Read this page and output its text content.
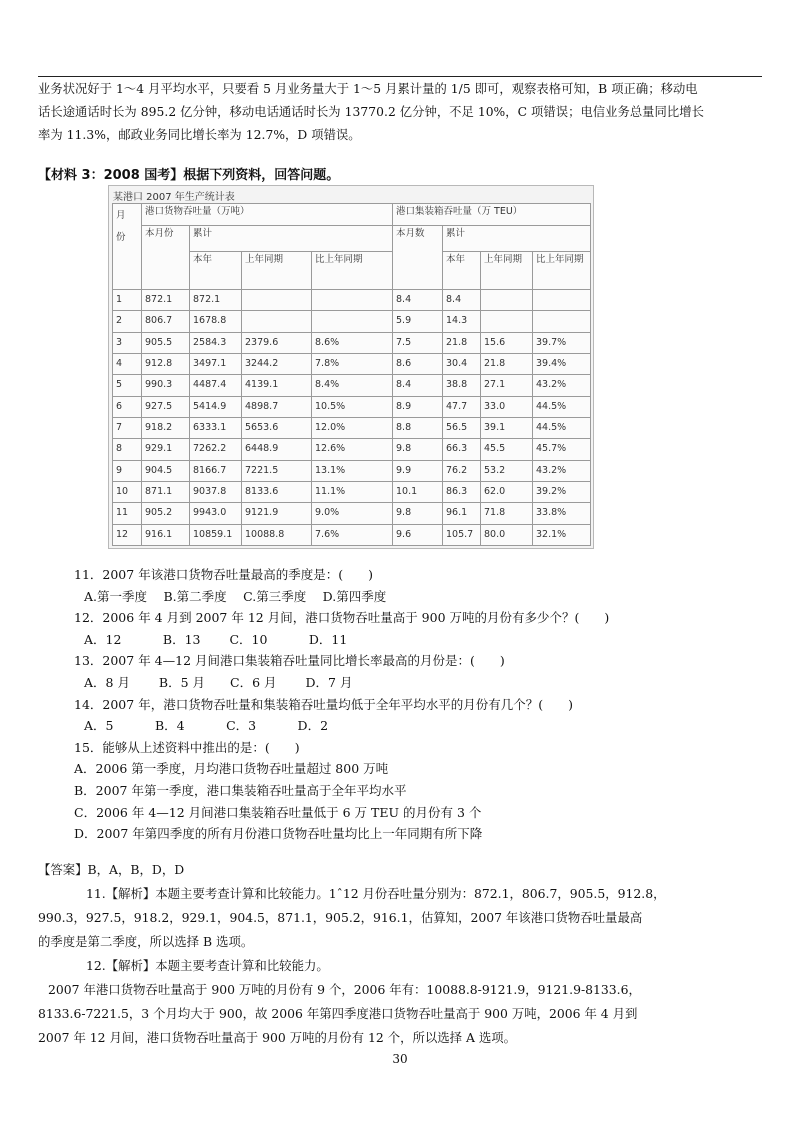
业务状况好于 1～4 月平均水平，只要看 5 月业务量大于 1～5 月累计量的 1/5 即可，观察表格可知，B 项正确；移动电
话长途通话时长为 895.2 亿分钟，移动电话通话时长为 13770.2 亿分钟，不足 10%，C 项错误；电信业务总量同比增长
率为 11.3%，邮政业务同比增长率为 12.7%，D 项错误。
【材料 3：2008 国考】根据下列资料，回答问题。
某港口 2007 年生产统计表
月份	港口货物吞吐量（万吨）				港口集装箱吞吐量（万 TEU）			
	本月份	累计			本月数	累计		
		本年	上年同期	比上年同期		本年	上年同期	比上年同期
1	872.1	872.1			8.4	8.4		
2	806.7	1678.8			5.9	14.3		
3	905.5	2584.3	2379.6	8.6%	7.5	21.8	15.6	39.7%
4	912.8	3497.1	3244.2	7.8%	8.6	30.4	21.8	39.4%
5	990.3	4487.4	4139.1	8.4%	8.4	38.8	27.1	43.2%
6	927.5	5414.9	4898.7	10.5%	8.9	47.7	33.0	44.5%
7	918.2	6333.1	5653.6	12.0%	8.8	56.5	39.1	44.5%
8	929.1	7262.2	6448.9	12.6%	9.8	66.3	45.5	45.7%
9	904.5	8166.7	7221.5	13.1%	9.9	76.2	53.2	43.2%
10	871.1	9037.8	8133.6	11.1%	10.1	86.3	62.0	39.2%
11	905.2	9943.0	9121.9	9.0%	9.8	96.1	71.8	33.8%
12	916.1	10859.1	10088.8	7.6%	9.6	105.7	80.0	32.1%
11．2007 年该港口货物吞吐量最高的季度是：(　　)
A.第一季度　 B.第二季度　 C.第三季度　 D.第四季度
12．2006 年 4 月到 2007 年 12 月间，港口货物吞吐量高于 900 万吨的月份有多少个？(　　)
A．12　　　 B．13　　 C．10　　　 D．11
13．2007 年 4—12 月间港口集装箱吞吐量同比增长率最高的月份是：(　　)
A．8 月　　 B．5 月　　C．6 月　　 D．7 月
14．2007 年，港口货物吞吐量和集装箱吞吐量均低于全年平均水平的月份有几个？(　　)
A．5　　　 B．4　　　 C．3　　　 D．2
15．能够从上述资料中推出的是：(　　)
A．2006 第一季度，月均港口货物吞吐量超过 800 万吨
B．2007 年第一季度，港口集装箱吞吐量高于全年平均水平
C．2006 年 4—12 月间港口集装箱吞吐量低于 6 万 TEU 的月份有 3 个
D．2007 年第四季度的所有月份港口货物吞吐量均比上一年同期有所下降
【答案】B，A，B，D，D
11.【解析】本题主要考查计算和比较能力。1ˆ12 月份吞吐量分别为：872.1，806.7，905.5，912.8，
990.3，927.5，918.2，929.1，904.5，871.1，905.2，916.1，估算知，2007 年该港口货物吞吐量最高
的季度是第二季度，所以选择 B 选项。
12.【解析】本题主要考查计算和比较能力。
2007 年港口货物吞吐量高于 900 万吨的月份有 9 个，2006 年有：10088.8-9121.9，9121.9-8133.6，
8133.6-7221.5，3 个月均大于 900，故 2006 年第四季度港口货物吞吐量高于 900 万吨，2006 年 4 月到
2007 年 12 月间，港口货物吞吐量高于 900 万吨的月份有 12 个，所以选择 A 选项。
30
